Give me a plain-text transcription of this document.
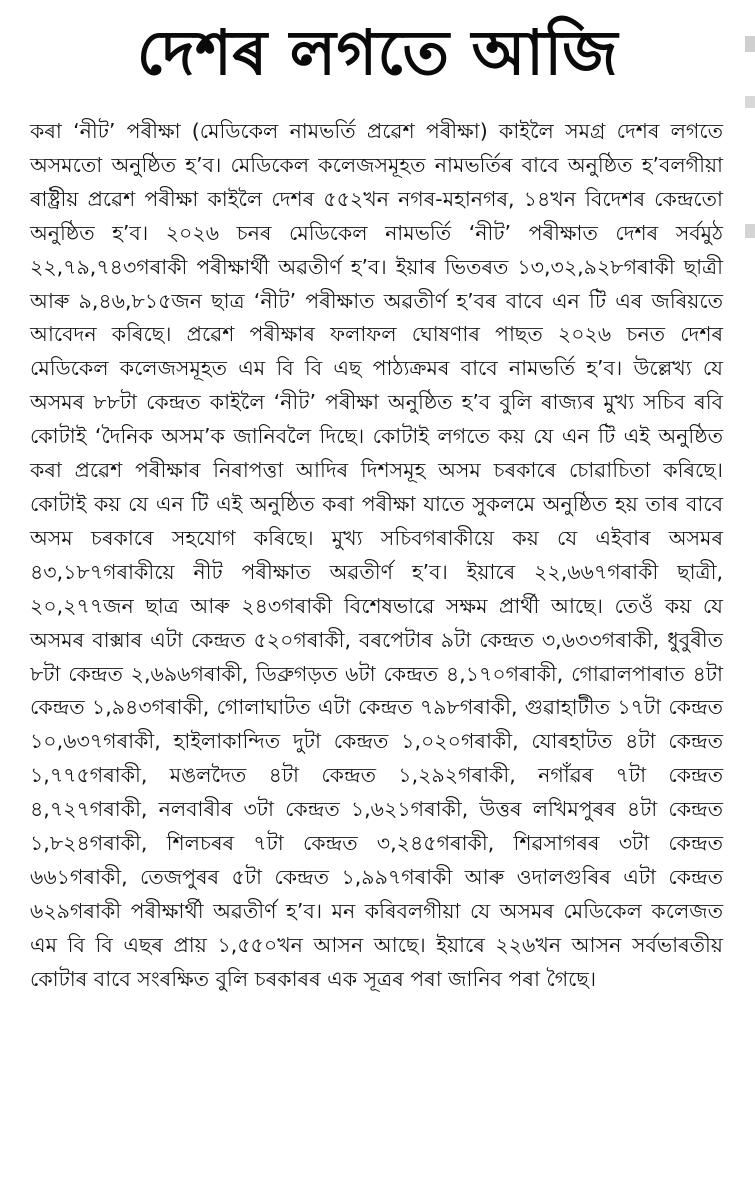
দেশৰ লগতে আজি

কৰা ‘নীট’ পৰীক্ষা (মেডিকেল নামভৰ্তি প্ৰৱেশ পৰীক্ষা) কাইলৈ সমগ্ৰ দেশৰ লগতে অসমতো অনুষ্ঠিত হ’ব। মেডিকেল কলেজসমূহত নামভৰ্তিৰ বাবে অনুষ্ঠিত হ’বলগীয়া ৰাষ্ট্ৰীয় প্ৰৱেশ পৰীক্ষা কাইলৈ দেশৰ ৫৫২খন নগৰ-মহানগৰ, ১৪খন বিদেশৰ কেন্দ্ৰতো অনুষ্ঠিত হ’ব। ২০২৬ চনৰ মেডিকেল নামভৰ্তি ‘নীট’ পৰীক্ষাত দেশৰ সৰ্বমুঠ ২২,৭৯,৭৪৩গৰাকী পৰীক্ষাৰ্থী অৱতীৰ্ণ হ’ব। ইয়াৰ ভিতৰত ১৩,৩২,৯২৮গৰাকী ছাত্ৰী আৰু ৯,৪৬,৮১৫জন ছাত্ৰ ‘নীট’ পৰীক্ষাত অৱতীৰ্ণ হ’বৰ বাবে এন টি এৰ জৰিয়তে আবেদন কৰিছে। প্ৰৱেশ পৰীক্ষাৰ ফলাফল ঘোষণাৰ পাছত ২০২৬ চনত দেশৰ মেডিকেল কলেজসমূহত এম বি বি এছ পাঠ্যক্ৰমৰ বাবে নামভৰ্তি হ’ব। উল্লেখ্য যে অসমৰ ৮৮টা কেন্দ্ৰত কাইলৈ ‘নীট’ পৰীক্ষা অনুষ্ঠিত হ’ব বুলি ৰাজ্যৰ মুখ্য সচিব ৰবি কোটাই ‘দৈনিক অসম’ক জানিবলৈ দিছে। কোটাই লগতে কয় যে এন টি এই অনুষ্ঠিত কৰা প্ৰৱেশ পৰীক্ষাৰ নিৰাপত্তা আদিৰ দিশসমূহ অসম চৰকাৰে চোৱাচিতা কৰিছে। কোটাই কয় যে এন টি এই অনুষ্ঠিত কৰা পৰীক্ষা যাতে সুকলমে অনুষ্ঠিত হয় তাৰ বাবে অসম চৰকাৰে সহযোগ কৰিছে। মুখ্য সচিবগৰাকীয়ে কয় যে এইবাৰ অসমৰ ৪৩,১৮৭গৰাকীয়ে নীট পৰীক্ষাত অৱতীৰ্ণ হ’ব। ইয়াৰে ২২,৬৬৭গৰাকী ছাত্ৰী, ২০,২৭৭জন ছাত্ৰ আৰু ২৪৩গৰাকী বিশেষভাৱে সক্ষম প্ৰাৰ্থী আছে। তেওঁ কয় যে অসমৰ বাক্সাৰ এটা কেন্দ্ৰত ৫২০গৰাকী, বৰপেটাৰ ৯টা কেন্দ্ৰত ৩,৬৩৩গৰাকী, ধুবুৰীত ৮টা কেন্দ্ৰত ২,৬৯৬গৰাকী, ডিব্ৰুগড়ত ৬টা কেন্দ্ৰত ৪,১৭০গৰাকী, গোৱালপাৰাত ৪টা কেন্দ্ৰত ১,৯৪৩গৰাকী, গোলাঘাটত এটা কেন্দ্ৰত ৭৯৮গৰাকী, গুৱাহাটীত ১৭টা কেন্দ্ৰত ১০,৬৩৭গৰাকী, হাইলাকান্দিত দুটা কেন্দ্ৰত ১,০২০গৰাকী, যোৰহাটত ৪টা কেন্দ্ৰত ১,৭৭৫গৰাকী, মঙলদৈত ৪টা কেন্দ্ৰত ১,২৯২গৰাকী, নগাঁৱৰ ৭টা কেন্দ্ৰত ৪,৭২৭গৰাকী, নলবাৰীৰ ৩টা কেন্দ্ৰত ১,৬২১গৰাকী, উত্তৰ লখিমপুৰৰ ৪টা কেন্দ্ৰত ১,৮২৪গৰাকী, শিলচৰৰ ৭টা কেন্দ্ৰত ৩,২৪৫গৰাকী, শিৱসাগৰৰ ৩টা কেন্দ্ৰত ৬৬১গৰাকী, তেজপুৰৰ ৫টা কেন্দ্ৰত ১,৯৯৭গৰাকী আৰু ওদালগুৰিৰ এটা কেন্দ্ৰত ৬২৯গৰাকী পৰীক্ষাৰ্থী অৱতীৰ্ণ হ’ব। মন কৰিবলগীয়া যে অসমৰ মেডিকেল কলেজত এম বি বি এছৰ প্ৰায় ১,৫৫০খন আসন আছে। ইয়াৰে ২২৬খন আসন সৰ্বভাৰতীয় কোটাৰ বাবে সংৰক্ষিত বুলি চৰকাৰৰ এক সূত্ৰৰ পৰা জানিব পৰা গৈছে।
